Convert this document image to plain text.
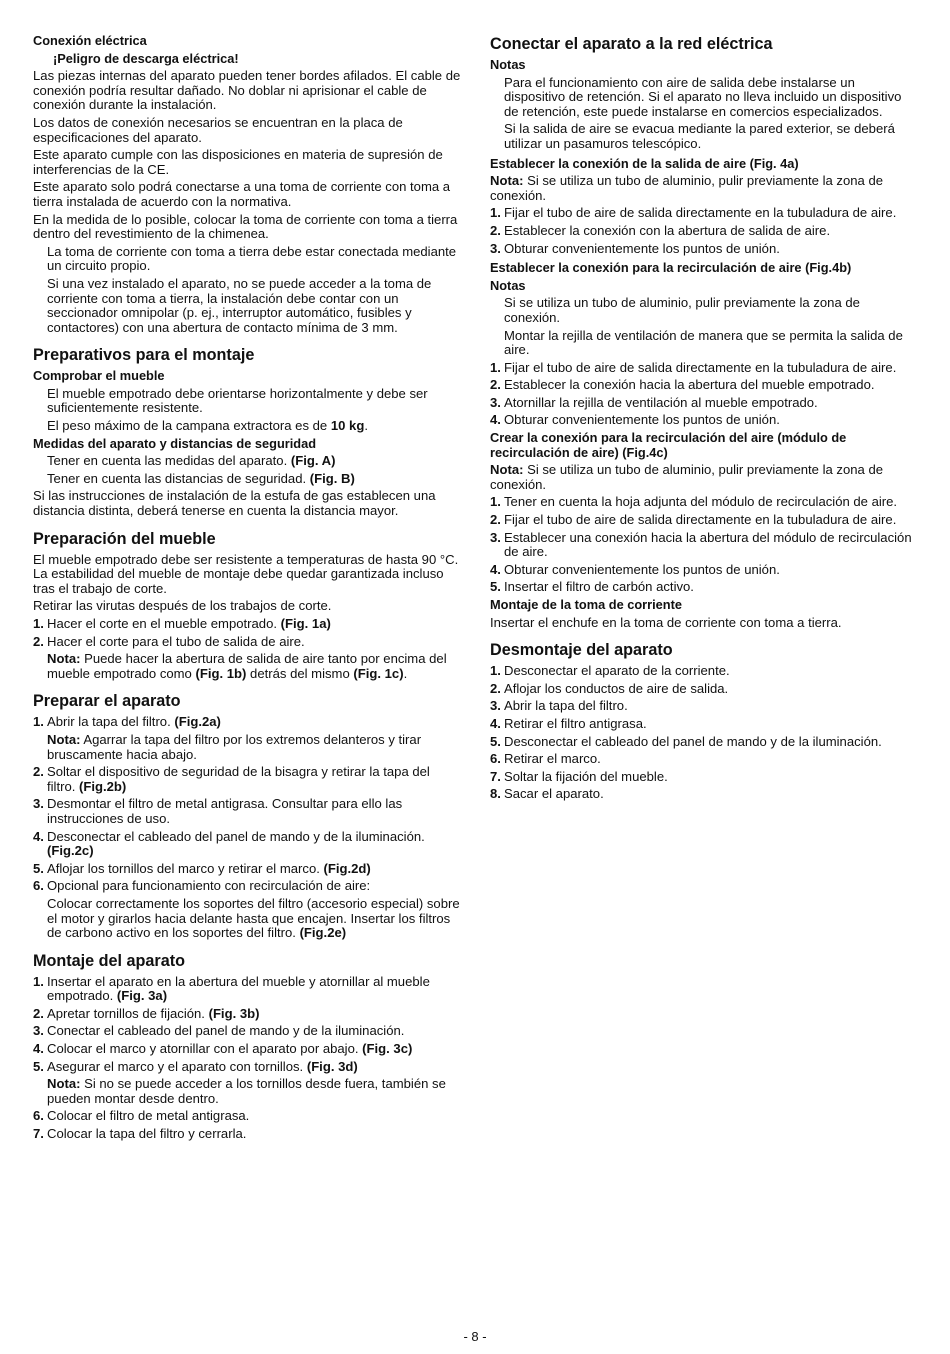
Conexión eléctrica
¡Peligro de descarga eléctrica!
Las piezas internas del aparato pueden tener bordes afilados. El cable de conexión podría resultar dañado. No doblar ni aprisionar el cable de conexión durante la instalación.
Los datos de conexión necesarios se encuentran en la placa de especificaciones del aparato.
Este aparato cumple con las disposiciones en materia de supresión de interferencias de la CE.
Este aparato solo podrá conectarse a una toma de corriente con toma a tierra instalada de acuerdo con la normativa.
En la medida de lo posible, colocar la toma de corriente con toma a tierra dentro del revestimiento de la chimenea.
La toma de corriente con toma a tierra debe estar conectada mediante un circuito propio.
Si una vez instalado el aparato, no se puede acceder a la toma de corriente con toma a tierra, la instalación debe contar con un seccionador omnipolar (p. ej., interruptor automático, fusibles y contactores) con una abertura de contacto mínima de 3 mm.
Preparativos para el montaje
Comprobar el mueble
El mueble empotrado debe orientarse horizontalmente y debe ser suficientemente resistente.
El peso máximo de la campana extractora es de 10 kg.
Medidas del aparato y distancias de seguridad
Tener en cuenta las medidas del aparato. (Fig. A)
Tener en cuenta las distancias de seguridad. (Fig. B)
Si las instrucciones de instalación de la estufa de gas establecen una distancia distinta, deberá tenerse en cuenta la distancia mayor.
Preparación del mueble
El mueble empotrado debe ser resistente a temperaturas de hasta 90 °C. La estabilidad del mueble de montaje debe quedar garantizada incluso tras el trabajo de corte.
Retirar las virutas después de los trabajos de corte.
1. Hacer el corte en el mueble empotrado. (Fig. 1a)
2. Hacer el corte para el tubo de salida de aire.
Nota: Puede hacer la abertura de salida de aire tanto por encima del mueble empotrado como (Fig. 1b) detrás del mismo (Fig. 1c).
Preparar el aparato
1. Abrir la tapa del filtro. (Fig.2a)
Nota: Agarrar la tapa del filtro por los extremos delanteros y tirar bruscamente hacia abajo.
2. Soltar el dispositivo de seguridad de la bisagra y retirar la tapa del filtro. (Fig.2b)
3. Desmontar el filtro de metal antigrasa. Consultar para ello las instrucciones de uso.
4. Desconectar el cableado del panel de mando y de la iluminación. (Fig.2c)
5. Aflojar los tornillos del marco y retirar el marco. (Fig.2d)
6. Opcional para funcionamiento con recirculación de aire:
Colocar correctamente los soportes del filtro (accesorio especial) sobre el motor y girarlos hacia delante hasta que encajen. Insertar los filtros de carbono activo en los soportes del filtro. (Fig.2e)
Montaje del aparato
1. Insertar el aparato en la abertura del mueble y atornillar al mueble empotrado. (Fig. 3a)
2. Apretar tornillos de fijación. (Fig. 3b)
3. Conectar el cableado del panel de mando y de la iluminación.
4. Colocar el marco y atornillar con el aparato por abajo. (Fig. 3c)
5. Asegurar el marco y el aparato con tornillos. (Fig. 3d)
Nota: Si no se puede acceder a los tornillos desde fuera, también se pueden montar desde dentro.
6. Colocar el filtro de metal antigrasa.
7. Colocar la tapa del filtro y cerrarla.
Conectar el aparato a la red eléctrica
Notas
Para el funcionamiento con aire de salida debe instalarse un dispositivo de retención. Si el aparato no lleva incluido un dispositivo de retención, este puede instalarse en comercios especializados.
Si la salida de aire se evacua mediante la pared exterior, se deberá utilizar un pasamuros telescópico.
Establecer la conexión de la salida de aire (Fig. 4a)
Nota: Si se utiliza un tubo de aluminio, pulir previamente la zona de conexión.
1. Fijar el tubo de aire de salida directamente en la tubuladura de aire.
2. Establecer la conexión con la abertura de salida de aire.
3. Obturar convenientemente los puntos de unión.
Establecer la conexión para la recirculación de aire (Fig.4b)
Notas
Si se utiliza un tubo de aluminio, pulir previamente la zona de conexión.
Montar la rejilla de ventilación de manera que se permita la salida de aire.
1. Fijar el tubo de aire de salida directamente en la tubuladura de aire.
2. Establecer la conexión hacia la abertura del mueble empotrado.
3. Atornillar la rejilla de ventilación al mueble empotrado.
4. Obturar convenientemente los puntos de unión.
Crear la conexión para la recirculación del aire (módulo de recirculación de aire) (Fig.4c)
Nota: Si se utiliza un tubo de aluminio, pulir previamente la zona de conexión.
1. Tener en cuenta la hoja adjunta del módulo de recirculación de aire.
2. Fijar el tubo de aire de salida directamente en la tubuladura de aire.
3. Establecer una conexión hacia la abertura del módulo de recirculación de aire.
4. Obturar convenientemente los puntos de unión.
5. Insertar el filtro de carbón activo.
Montaje de la toma de corriente
Insertar el enchufe en la toma de corriente con toma a tierra.
Desmontaje del aparato
1. Desconectar el aparato de la corriente.
2. Aflojar los conductos de aire de salida.
3. Abrir la tapa del filtro.
4. Retirar el filtro antigrasa.
5. Desconectar el cableado del panel de mando y de la iluminación.
6. Retirar el marco.
7. Soltar la fijación del mueble.
8. Sacar el aparato.
- 8 -
